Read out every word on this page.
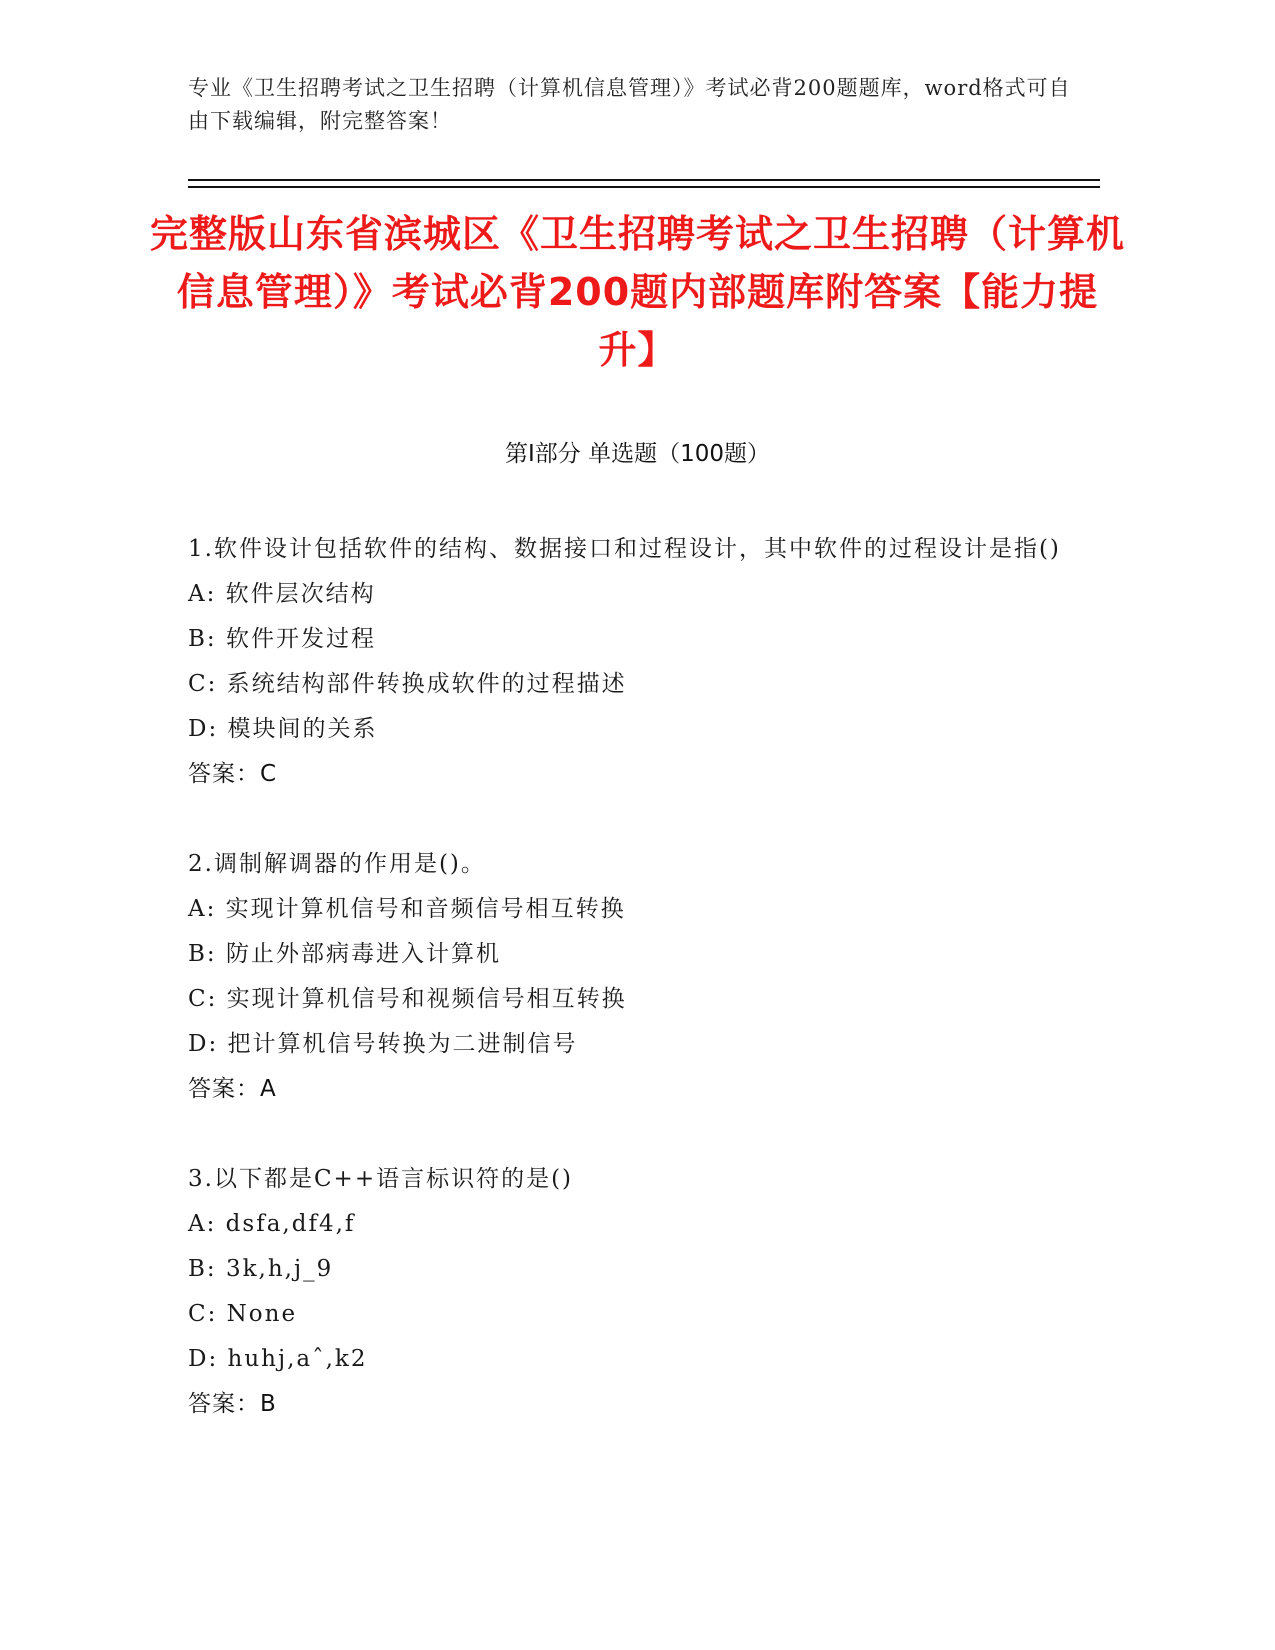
专业《卫生招聘考试之卫生招聘（计算机信息管理）》考试必背200题题库，word格式可自由下载编辑，附完整答案！
完整版山东省滨城区《卫生招聘考试之卫生招聘（计算机信息管理）》考试必背200题内部题库附答案【能力提升】
第Ⅰ部分 单选题（100题）
1.软件设计包括软件的结构、数据接口和过程设计，其中软件的过程设计是指()
A: 软件层次结构
B: 软件开发过程
C: 系统结构部件转换成软件的过程描述
D: 模块间的关系
答案：C
2.调制解调器的作用是()。
A: 实现计算机信号和音频信号相互转换
B: 防止外部病毒进入计算机
C: 实现计算机信号和视频信号相互转换
D: 把计算机信号转换为二进制信号
答案：A
3.以下都是C++语言标识符的是()
A: dsfa,df4,f
B: 3k,h,j_9
C: None
D: huhj,aˆ,k2
答案：B
